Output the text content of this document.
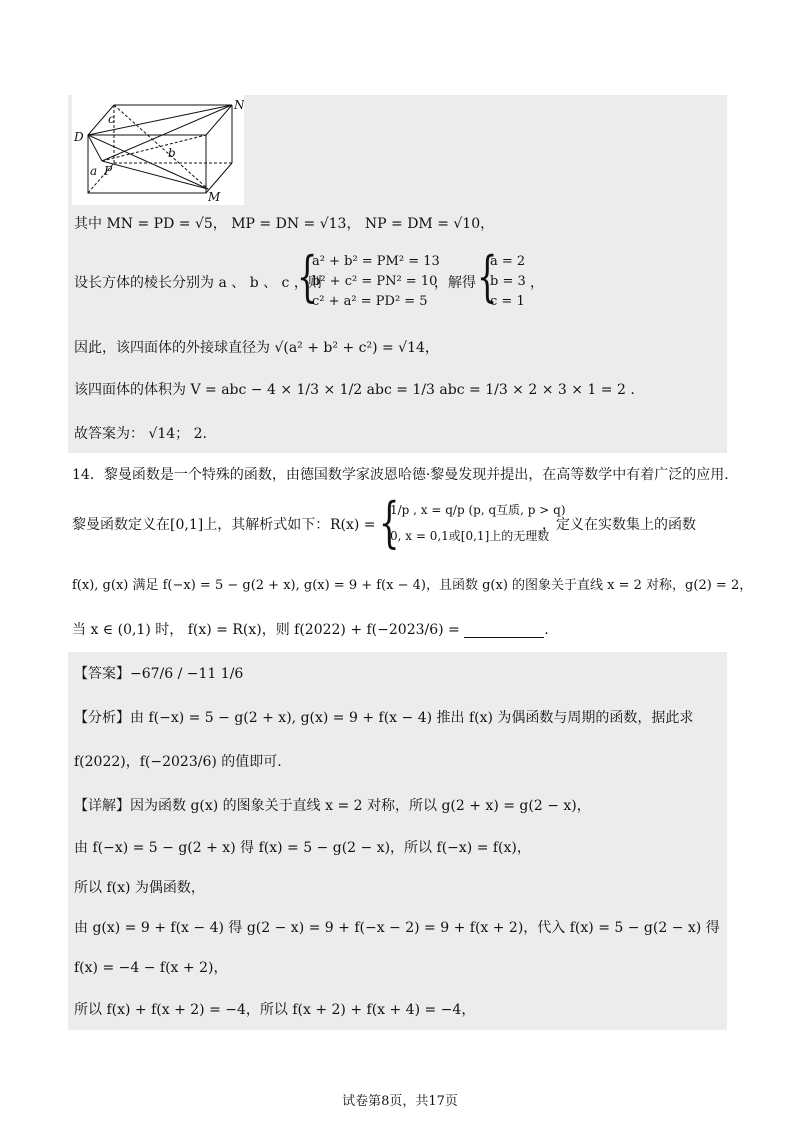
N
D
c
b
a P
M
其中 MN = PD = √5， MP = DN = √13， NP = DM = √10，
设长方体的棱长分别为 a 、 b 、 c ，则
{
a² + b² = PM² = 13
b² + c² = PN² = 10
c² + a² = PD² = 5
，解得 {
a = 2
b = 3
c = 1
，
因此，该四面体的外接球直径为 √(a² + b² + c²) = √14，
该四面体的体积为 V = abc − 4 × 1/3 × 1/2 abc = 1/3 abc = 1/3 × 2 × 3 × 1 = 2 .
故答案为： √14； 2.
14．黎曼函数是一个特殊的函数，由德国数学家波恩哈德·黎曼发现并提出，在高等数学中有着广泛的应用.
黎曼函数定义在[0,1]上，其解析式如下： R(x) = {
1/p , x = q/p (p, q互质, p > q)
0, x = 0,1或[0,1]上的无理数
，定义在实数集上的函数
f(x), g(x) 满足 f(−x) = 5 − g(2 + x), g(x) = 9 + f(x − 4)，且函数 g(x) 的图象关于直线 x = 2 对称，g(2) = 2，
当 x ∈ (0,1) 时， f(x) = R(x)，则 f(2022) + f(−2023/6) =	.
【答案】−67/6 / −11 1/6
【分析】由 f(−x) = 5 − g(2 + x), g(x) = 9 + f(x − 4) 推出 f(x) 为偶函数与周期的函数，据此求
f(2022)，f(−2023/6) 的值即可.
【详解】因为函数 g(x) 的图象关于直线 x = 2 对称，所以 g(2 + x) = g(2 − x)，
由 f(−x) = 5 − g(2 + x) 得 f(x) = 5 − g(2 − x)，所以 f(−x) = f(x)，
所以 f(x) 为偶函数，
由 g(x) = 9 + f(x − 4) 得 g(2 − x) = 9 + f(−x − 2) = 9 + f(x + 2)，代入 f(x) = 5 − g(2 − x) 得
f(x) = −4 − f(x + 2)，
所以 f(x) + f(x + 2) = −4，所以 f(x + 2) + f(x + 4) = −4，
试卷第8页，共17页
